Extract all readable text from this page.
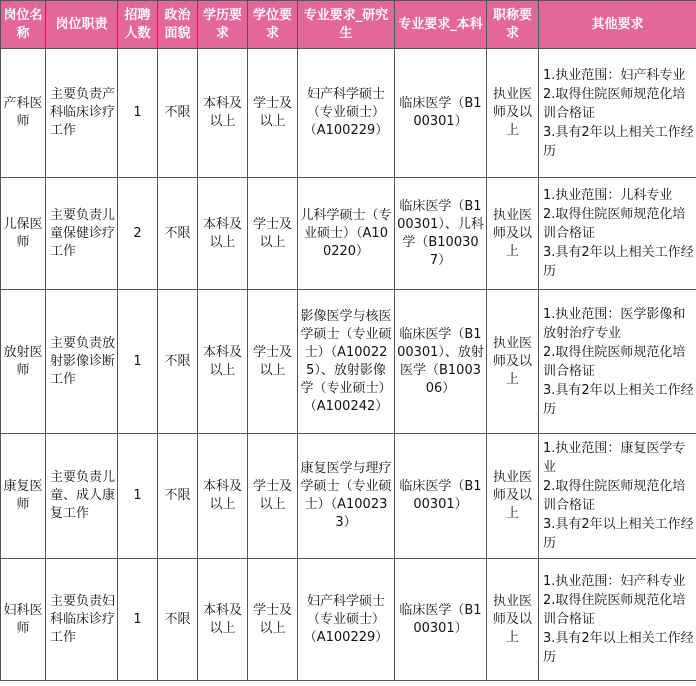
岗位名称	岗位职责	招聘人数	政治面貌	学历要求	学位要求	专业要求_研究生	专业要求_本科	职称要求	其他要求
产科医师	主要负责产科临床诊疗工作	1	不限	本科及以上	学士及以上	妇产科学硕士（专业硕士）（A100229）	临床医学（B100301）	执业医师及以上	1.执业范围：妇产科专业
2.取得住院医师规范化培训合格证
3.具有2年以上相关工作经历

儿保医师	主要负责儿童保健诊疗工作	2	不限	本科及以上	学士及以上	儿科学硕士（专业硕士）（A100220）	临床医学（B100301）、儿科学（B100307）	执业医师及以上	1.执业范围：儿科专业
2.取得住院医师规范化培训合格证
3.具有2年以上相关工作经历

放射医师	主要负责放射影像诊断工作	1	不限	本科及以上	学士及以上	影像医学与核医学硕士（专业硕士）（A100225）、放射影像学（专业硕士）（A100242）	临床医学（B100301）、放射医学（B100306）	执业医师及以上	1.执业范围：医学影像和放射治疗专业
2.取得住院医师规范化培训合格证
3.具有2年以上相关工作经历

康复医师	主要负责儿童、成人康复工作	1	不限	本科及以上	学士及以上	康复医学与理疗学硕士（专业硕士）（A100233）	临床医学（B100301）	执业医师及以上	1.执业范围：康复医学专业
2.取得住院医师规范化培训合格证
3.具有2年以上相关工作经历

妇科医师	主要负责妇科临床诊疗工作	1	不限	本科及以上	学士及以上	妇产科学硕士（专业硕士）（A100229）	临床医学（B100301）	执业医师及以上	1.执业范围：妇产科专业
2.取得住院医师规范化培训合格证
3.具有2年以上相关工作经历
